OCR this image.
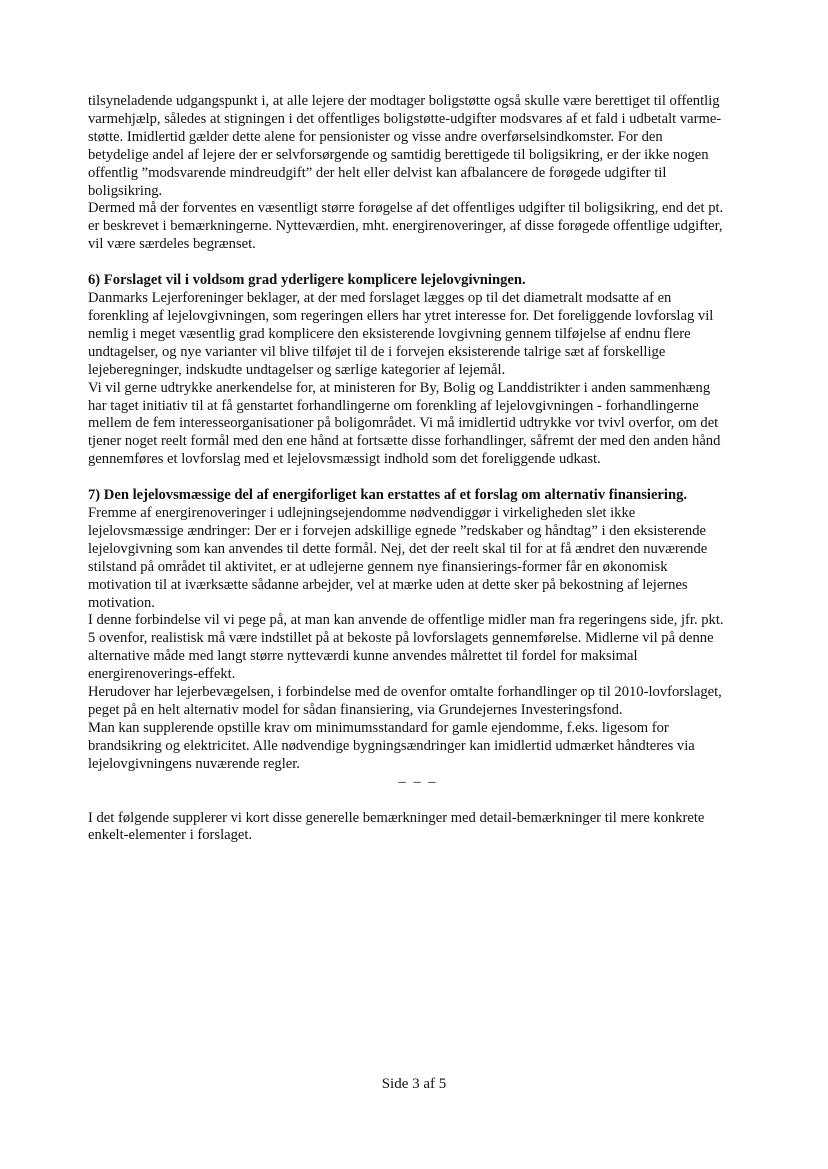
tilsyneladende udgangspunkt i, at alle lejere der modtager boligstøtte også skulle være berettiget til offentlig
varmehjælp, således at stigningen i det offentliges boligstøtte-udgifter modsvares af et fald i udbetalt varme-
støtte. Imidlertid gælder dette alene for pensionister og visse andre overførselsindkomster. For den
betydelige andel af lejere der er selvforsørgende og samtidig berettigede til boligsikring, er der ikke nogen
offentlig ”modsvarende mindreudgift” der helt eller delvist kan afbalancere de forøgede udgifter til
boligsikring.

Dermed må der forventes en væsentligt større forøgelse af det offentliges udgifter til boligsikring, end det pt.
er beskrevet i bemærkningerne. Nytteværdien, mht. energirenoveringer, af disse forøgede offentlige udgifter,
vil være særdeles begrænset.

6) Forslaget vil i voldsom grad yderligere komplicere lejelovgivningen.

Danmarks Lejerforeninger beklager, at der med forslaget lægges op til det diametralt modsatte af en
forenkling af lejelovgivningen, som regeringen ellers har ytret interesse for. Det foreliggende lovforslag vil
nemlig i meget væsentlig grad komplicere den eksisterende lovgivning gennem tilføjelse af endnu flere
undtagelser, og nye varianter vil blive tilføjet til de i forvejen eksisterende talrige sæt af forskellige
lejeberegninger, indskudte undtagelser og særlige kategorier af lejemål.

Vi vil gerne udtrykke anerkendelse for, at ministeren for By, Bolig og Landdistrikter i anden sammenhæng
har taget initiativ til at få genstartet forhandlingerne om forenkling af lejelovgivningen - forhandlingerne
mellem de fem interesseorganisationer på boligområdet. Vi må imidlertid udtrykke vor tvivl overfor, om det
tjener noget reelt formål med den ene hånd at fortsætte disse forhandlinger, såfremt der med den anden hånd
gennemføres et lovforslag med et lejelovsmæssigt indhold som det foreliggende udkast.

7) Den lejelovsmæssige del af energiforliget kan erstattes af et forslag om alternativ finansiering.

Fremme af energirenoveringer i udlejningsejendomme nødvendiggør i virkeligheden slet ikke
lejelovsmæssige ændringer: Der er i forvejen adskillige egnede ”redskaber og håndtag” i den eksisterende
lejelovgivning som kan anvendes til dette formål. Nej, det der reelt skal til for at få ændret den nuværende
stilstand på området til aktivitet, er at udlejerne gennem nye finansierings-former får en økonomisk
motivation til at iværksætte sådanne arbejder, vel at mærke uden at dette sker på bekostning af lejernes
motivation.

I denne forbindelse vil vi pege på, at man kan anvende de offentlige midler man fra regeringens side, jfr. pkt.
5 ovenfor, realistisk må være indstillet på at bekoste på lovforslagets gennemførelse. Midlerne vil på denne
alternative måde med langt større nytteværdi kunne anvendes målrettet til fordel for maksimal
energirenoverings-effekt.

Herudover har lejerbevægelsen, i forbindelse med de ovenfor omtalte forhandlinger op til 2010-lovforslaget,
peget på en helt alternativ model for sådan finansiering, via Grundejernes Investeringsfond.

Man kan supplerende opstille krav om minimumsstandard for gamle ejendomme, f.eks. ligesom for
brandsikring og elektricitet. Alle nødvendige bygningsændringer kan imidlertid udmærket håndteres via
lejelovgivningens nuværende regler.

– – –

I det følgende supplerer vi kort disse generelle bemærkninger med detail-bemærkninger til mere konkrete
enkelt-elementer i forslaget.

Side 3 af 5
